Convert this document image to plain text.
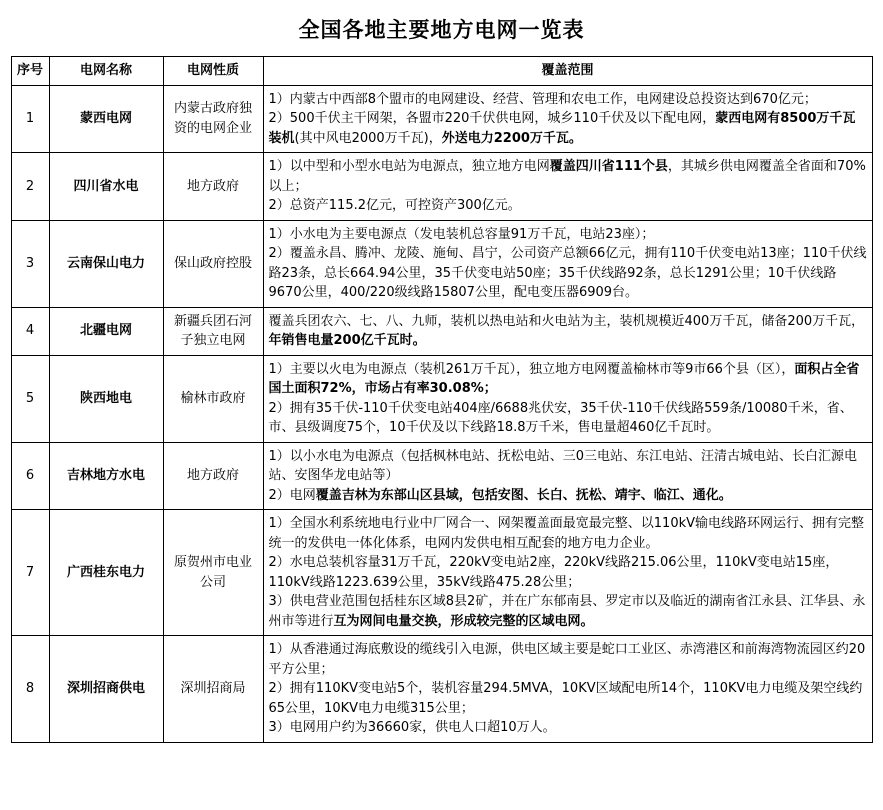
全国各地主要地方电网一览表
序号	电网名称	电网性质	覆盖范围
1	蒙西电网	内蒙古政府独资的电网企业	1）内蒙古中西部8个盟市的电网建设、经营、管理和农电工作，电网建设总投资达到670亿元；

2）500千伏主干网架，各盟市220千伏供电网，城乡110千伏及以下配电网，蒙西电网有8500万千瓦装机(其中风电2000万千瓦)，外送电力2200万千瓦。

2	四川省水电	地方政府	1）以中型和小型水电站为电源点，独立地方电网覆盖四川省111个县，其城乡供电网覆盖全省面和70%以上；

2）总资产115.2亿元，可控资产300亿元。

3	云南保山电力	保山政府控股	1）小水电为主要电源点（发电装机总容量91万千瓦，电站23座）；

2）覆盖永昌、腾冲、龙陵、施甸、昌宁，公司资产总额66亿元，拥有110千伏变电站13座；110千伏线路23条，总长664.94公里，35千伏变电站50座；35千伏线路92条，总长1291公里；10千伏线路9670公里，400/220级线路15807公里，配电变压器6909台。

4	北疆电网	新疆兵团石河子独立电网	覆盖兵团农六、七、八、九师，装机以热电站和火电站为主，装机规模近400万千瓦，储备200万千瓦，年销售电量200亿千瓦时。

5	陕西地电	榆林市政府	1）主要以火电为电源点（装机261万千瓦），独立地方电网覆盖榆林市等9市66个县（区），面积占全省国土面积72%，市场占有率30.08%；

2）拥有35千伏-110千伏变电站404座/6688兆伏安，35千伏-110千伏线路559条/10080千米，省、市、县级调度75个，10千伏及以下线路18.8万千米，售电量超460亿千瓦时。

6	吉林地方水电	地方政府	1）以小水电为电源点（包括枫林电站、抚松电站、三0三电站、东江电站、汪清古城电站、长白汇源电站、安图华龙电站等）

2）电网覆盖吉林为东部山区县域，包括安图、长白、抚松、靖宇、临江、通化。

7	广西桂东电力	原贺州市电业公司	1）全国水利系统地电行业中厂网合一、网架覆盖面最宽最完整、以110kV输电线路环网运行、拥有完整统一的发供电一体化体系，电网内发供电相互配套的地方电力企业。

2）水电总装机容量31万千瓦，220kV变电站2座，220kV线路215.06公里，110kV变电站15座，110kV线路1223.639公里，35kV线路475.28公里；

3）供电营业范围包括桂东区域8县2矿，并在广东郁南县、罗定市以及临近的湖南省江永县、江华县、永州市等进行互为网间电量交换，形成较完整的区域电网。

8	深圳招商供电	深圳招商局	1）从香港通过海底敷设的缆线引入电源，供电区域主要是蛇口工业区、赤湾港区和前海湾物流园区约20平方公里；

2）拥有110KV变电站5个，装机容量294.5MVA，10KV区域配电所14个，110KV电力电缆及架空线约65公里，10KV电力电缆315公里；

3）电网用户约为36660家，供电人口超10万人。
